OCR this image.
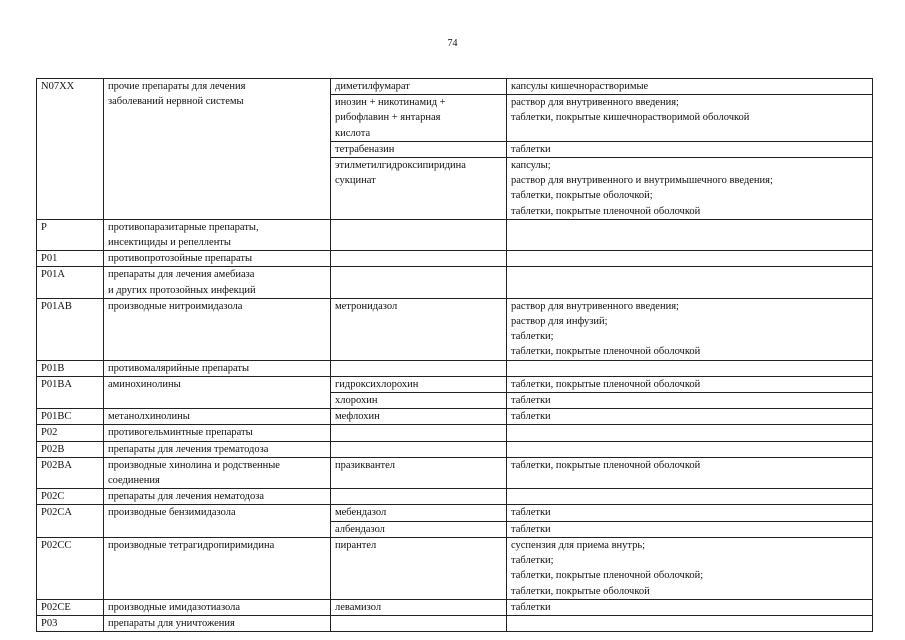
74
N07XX	прочие препараты для лечения
заболеваний нервной системы	диметилфумарат	капсулы кишечнорастворимые

		инозин + никотинамид +
рибофлавин + янтарная
кислота	раствор для внутривенного введения;
таблетки, покрытые кишечнорастворимой оболочкой

		тетрабеназин	таблетки

		этилметилгидроксипиридина
сукцинат	капсулы;
раствор для внутривенного и внутримышечного введения;
таблетки, покрытые оболочкой;
таблетки, покрытые пленочной оболочкой

P	противопаразитарные препараты,
инсектициды и репелленты		

P01	противопротозойные препараты		

P01A	препараты для лечения амебиаза
и других протозойных инфекций		

P01AB	производные нитроимидазола	метронидазол	раствор для внутривенного введения;
раствор для инфузий;
таблетки;
таблетки, покрытые пленочной оболочкой

P01B	противомалярийные препараты		

P01BA	аминохинолины	гидроксихлорохин	таблетки, покрытые пленочной оболочкой

		хлорохин	таблетки

P01BC	метанолхинолины	мефлохин	таблетки

P02	противогельминтные препараты		

P02B	препараты для лечения трематодоза		

P02BA	производные хинолина и родственные
соединения	празиквантел	таблетки, покрытые пленочной оболочкой

P02C	препараты для лечения нематодоза		

P02CA	производные бензимидазола	мебендазол	таблетки

		албендазол	таблетки

P02CC	производные тетрагидропиримидина	пирантел	суспензия для приема внутрь;
таблетки;
таблетки, покрытые пленочной оболочкой;
таблетки, покрытые оболочкой

P02CE	производные имидазотиазола	левамизол	таблетки

P03	препараты для уничтожения		
